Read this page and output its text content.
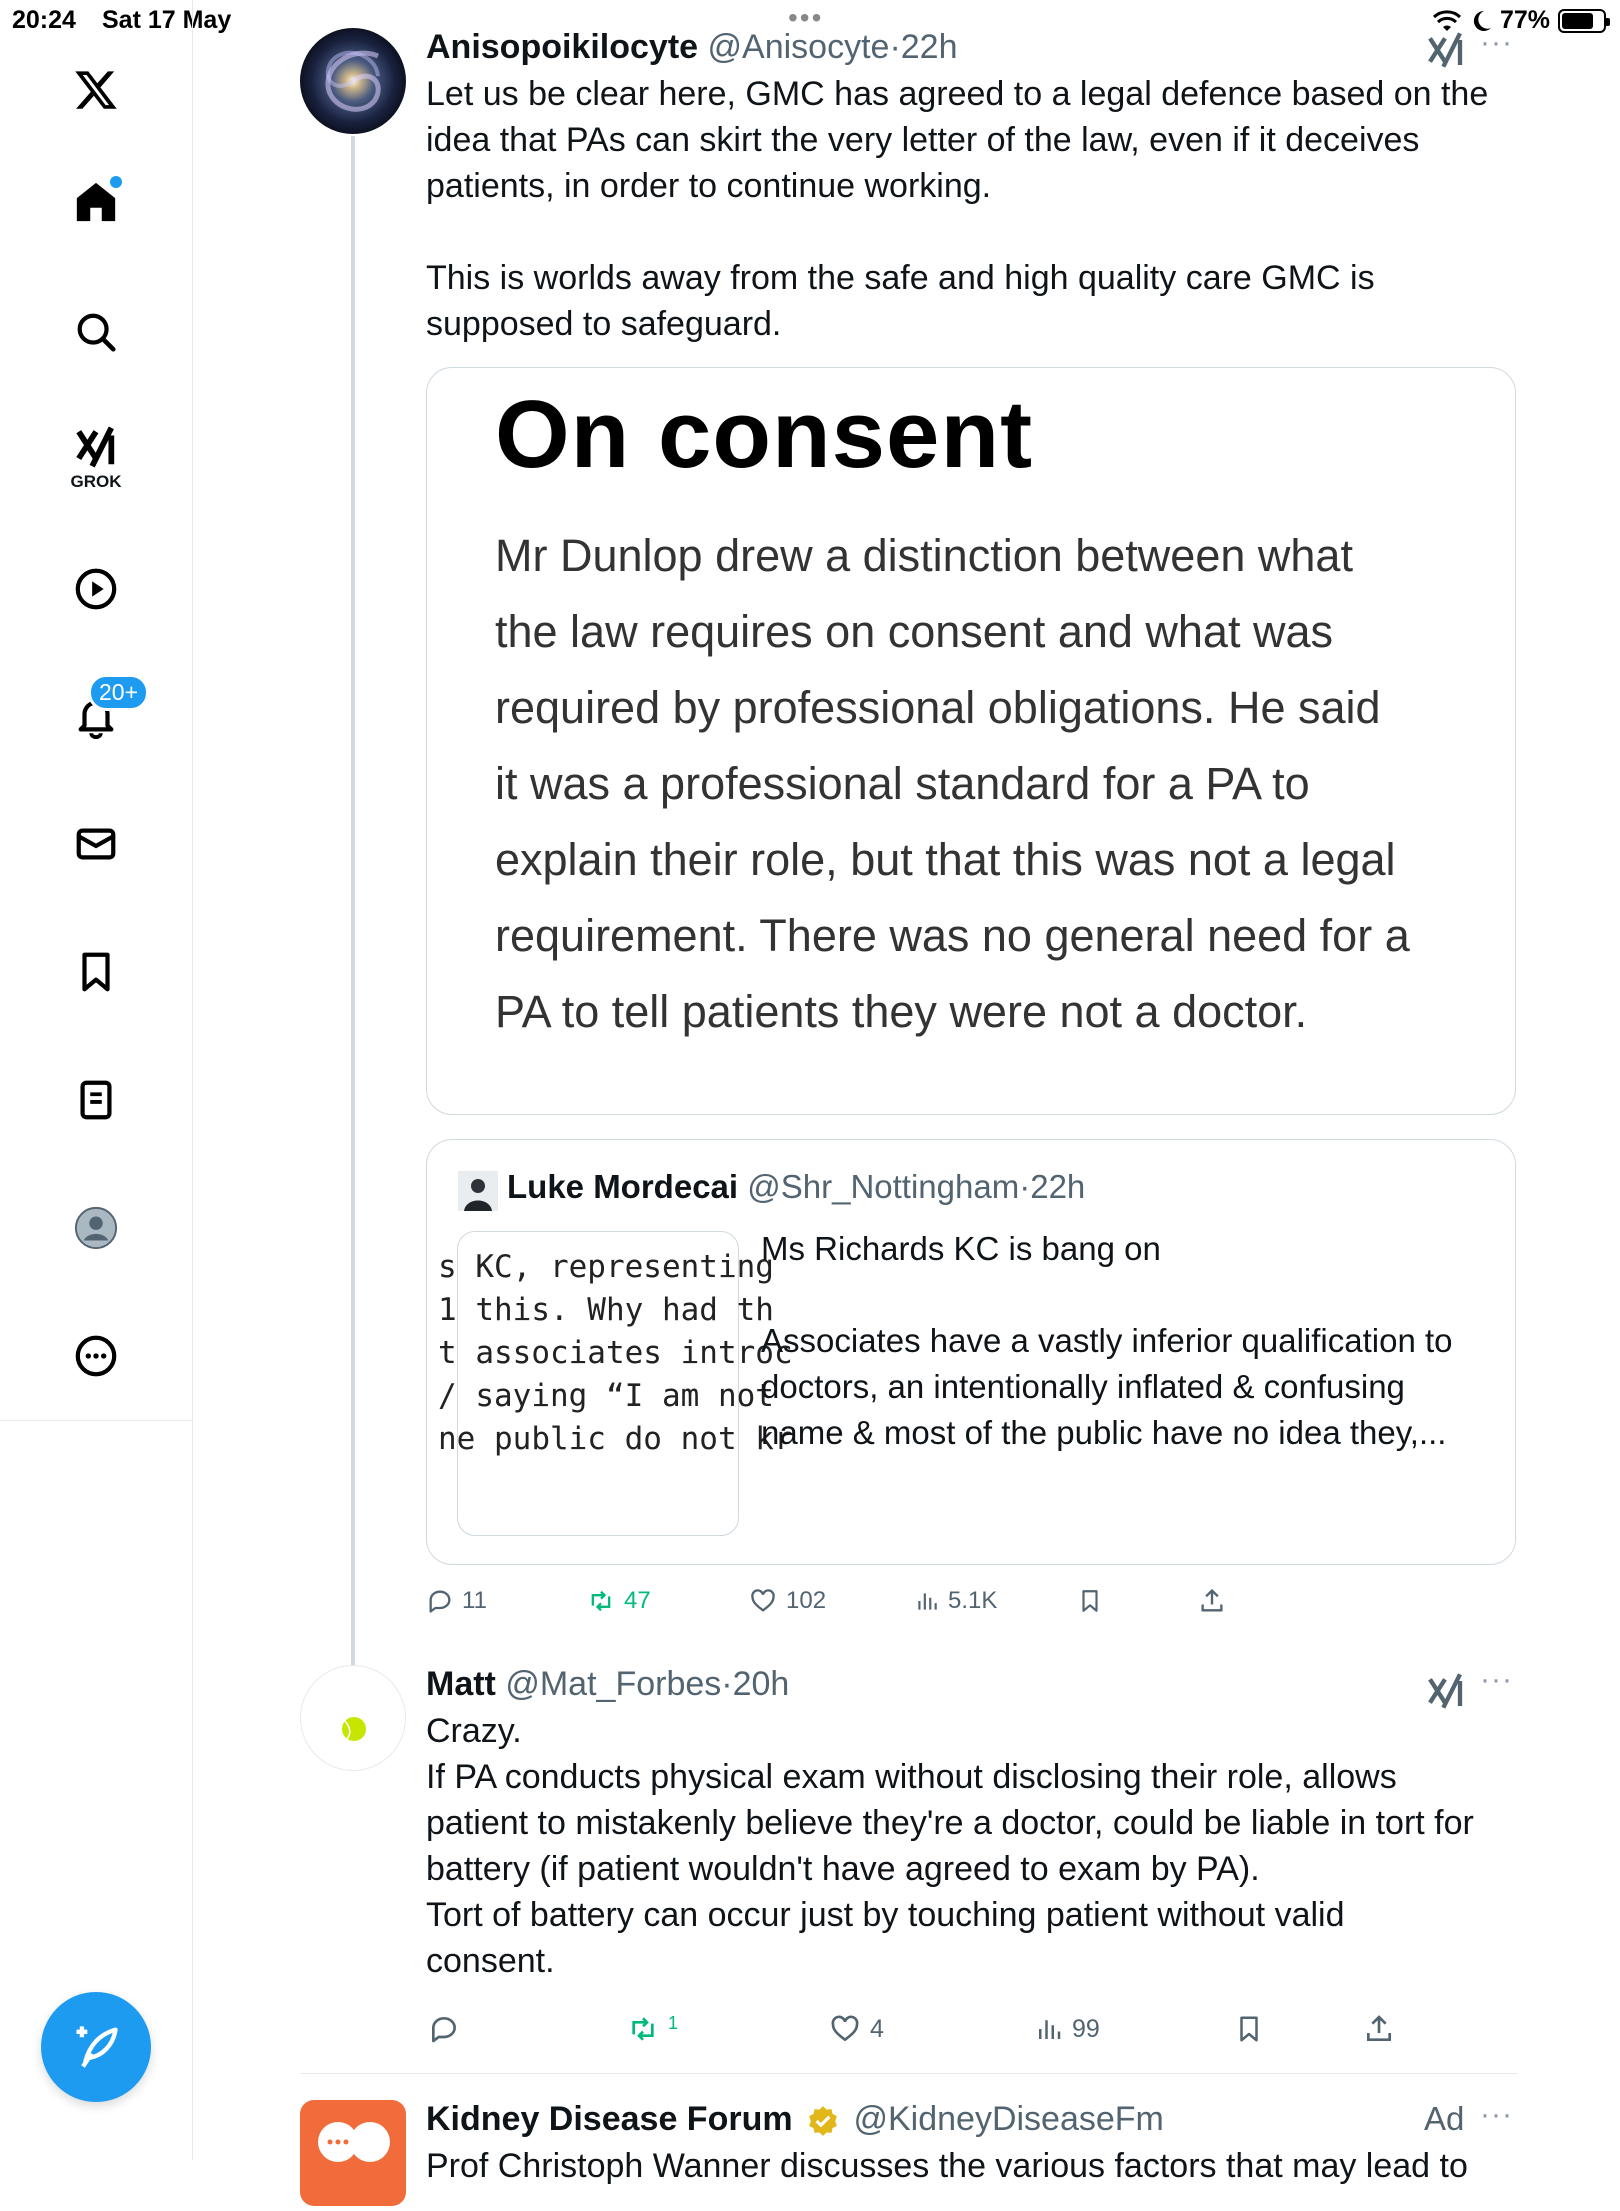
20:24 Sat 17 May	•••	77%
GROK
20+
Anisopoikilocyte @Anisocyte·22h	···
Let us be clear here, GMC has agreed to a legal defence based on the
idea that PAs can skirt the very letter of the law, even if it deceives
patients, in order to continue working.

This is worlds away from the safe and high quality care GMC is
supposed to safeguard.
On consent
Mr Dunlop drew a distinction between what
the law requires on consent and what was
required by professional obligations. He said
it was a professional standard for a PA to
explain their role, but that this was not a legal
requirement. There was no general need for a
PA to tell patients they were not a doctor.
Luke Mordecai @Shr_Nottingham·22h
s KC, representing
1 this. Why had th
t associates introc
/ saying “I am not
ne public do not kr
Ms Richards KC is bang on

Associates have a vastly inferior qualification to
doctors, an intentionally inflated & confusing
name & most of the public have no idea they,...
11	47	102	5.1K
Matt @Mat_Forbes·20h	···
Crazy.
If PA conducts physical exam without disclosing their role, allows
patient to mistakenly believe they're a doctor, could be liable in tort for
battery (if patient wouldn't have agreed to exam by PA).
Tort of battery can occur just by touching patient without valid
consent.
1	4	99
Kidney Disease Forum @KidneyDiseaseFm	Ad ···
Prof Christoph Wanner discusses the various factors that may lead to
